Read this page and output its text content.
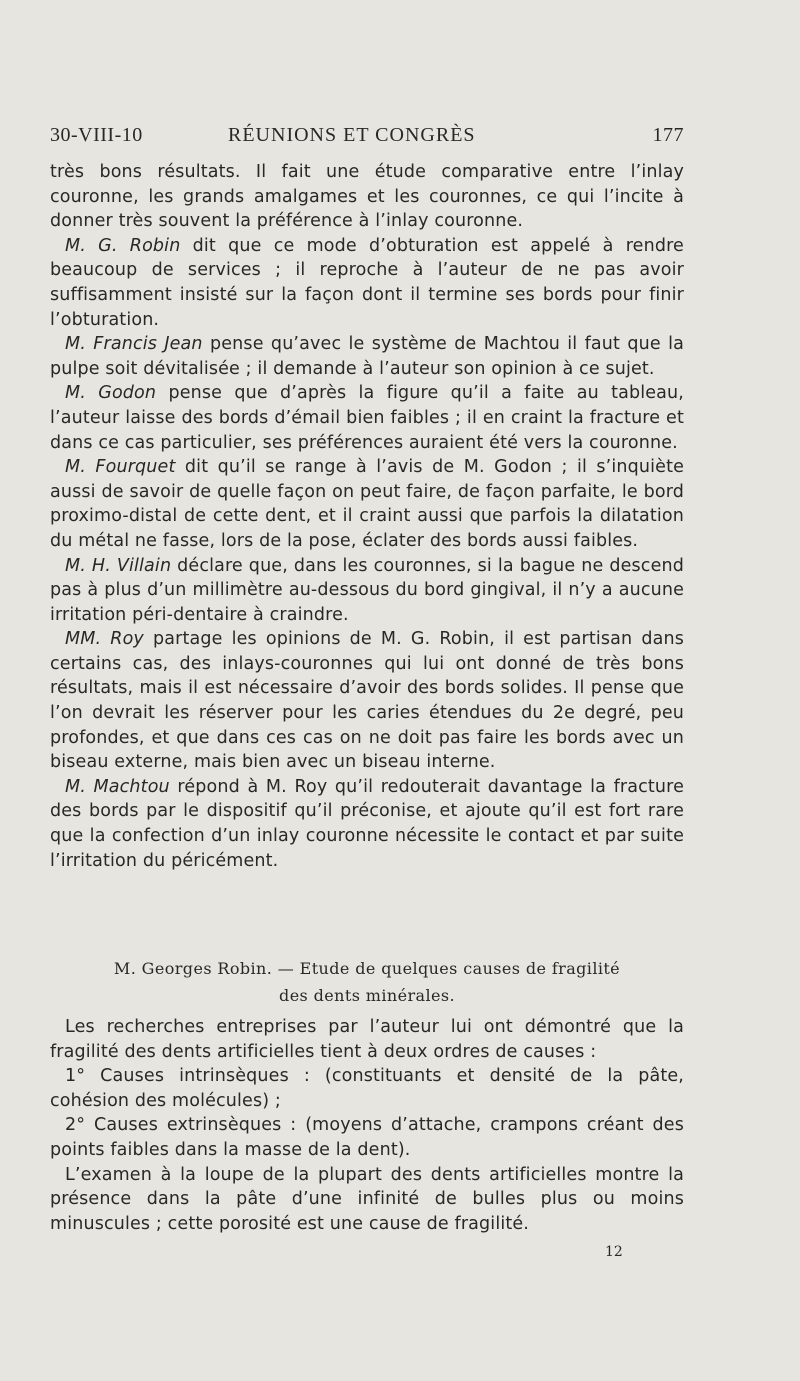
30-VIII-10	RÉUNIONS ET CONGRÈS	177

très bons résultats. Il fait une étude comparative entre l’inlay couronne, les grands amalgames et les couronnes, ce qui l’incite à donner très souvent la préférence à l’inlay couronne.

M. G. Robin dit que ce mode d’obturation est appelé à rendre beaucoup de services ; il reproche à l’auteur de ne pas avoir suffisamment insisté sur la façon dont il termine ses bords pour finir l’obturation.

M. Francis Jean pense qu’avec le système de Machtou il faut que la pulpe soit dévitalisée ; il demande à l’auteur son opinion à ce sujet.

M. Godon pense que d’après la figure qu’il a faite au tableau, l’auteur laisse des bords d’émail bien faibles ; il en craint la fracture et dans ce cas particulier, ses préférences auraient été vers la couronne.

M. Fourquet dit qu’il se range à l’avis de M. Godon ; il s’inquiète aussi de savoir de quelle façon on peut faire, de façon parfaite, le bord proximo-distal de cette dent, et il craint aussi que parfois la dilatation du métal ne fasse, lors de la pose, éclater des bords aussi faibles.

M. H. Villain déclare que, dans les couronnes, si la bague ne descend pas à plus d’un millimètre au-dessous du bord gingival, il n’y a aucune irritation péri-dentaire à craindre.

MM. Roy partage les opinions de M. G. Robin, il est partisan dans certains cas, des inlays-couronnes qui lui ont donné de très bons résultats, mais il est nécessaire d’avoir des bords solides. Il pense que l’on devrait les réserver pour les caries étendues du 2e degré, peu profondes, et que dans ces cas on ne doit pas faire les bords avec un biseau externe, mais bien avec un biseau interne.

M. Machtou répond à M. Roy qu’il redouterait davantage la fracture des bords par le dispositif qu’il préconise, et ajoute qu’il est fort rare que la confection d’un inlay couronne nécessite le contact et par suite l’irritation du péricément.

M. Georges Robin. — Etude de quelques causes de fragilité
des dents minérales.

Les recherches entreprises par l’auteur lui ont démontré que la fragilité des dents artificielles tient à deux ordres de causes :

1° Causes intrinsèques : (constituants et densité de la pâte, cohésion des molécules) ;

2° Causes extrinsèques : (moyens d’attache, crampons créant des points faibles dans la masse de la dent).

L’examen à la loupe de la plupart des dents artificielles montre la présence dans la pâte d’une infinité de bulles plus ou moins minuscules ; cette porosité est une cause de fragilité.

12
